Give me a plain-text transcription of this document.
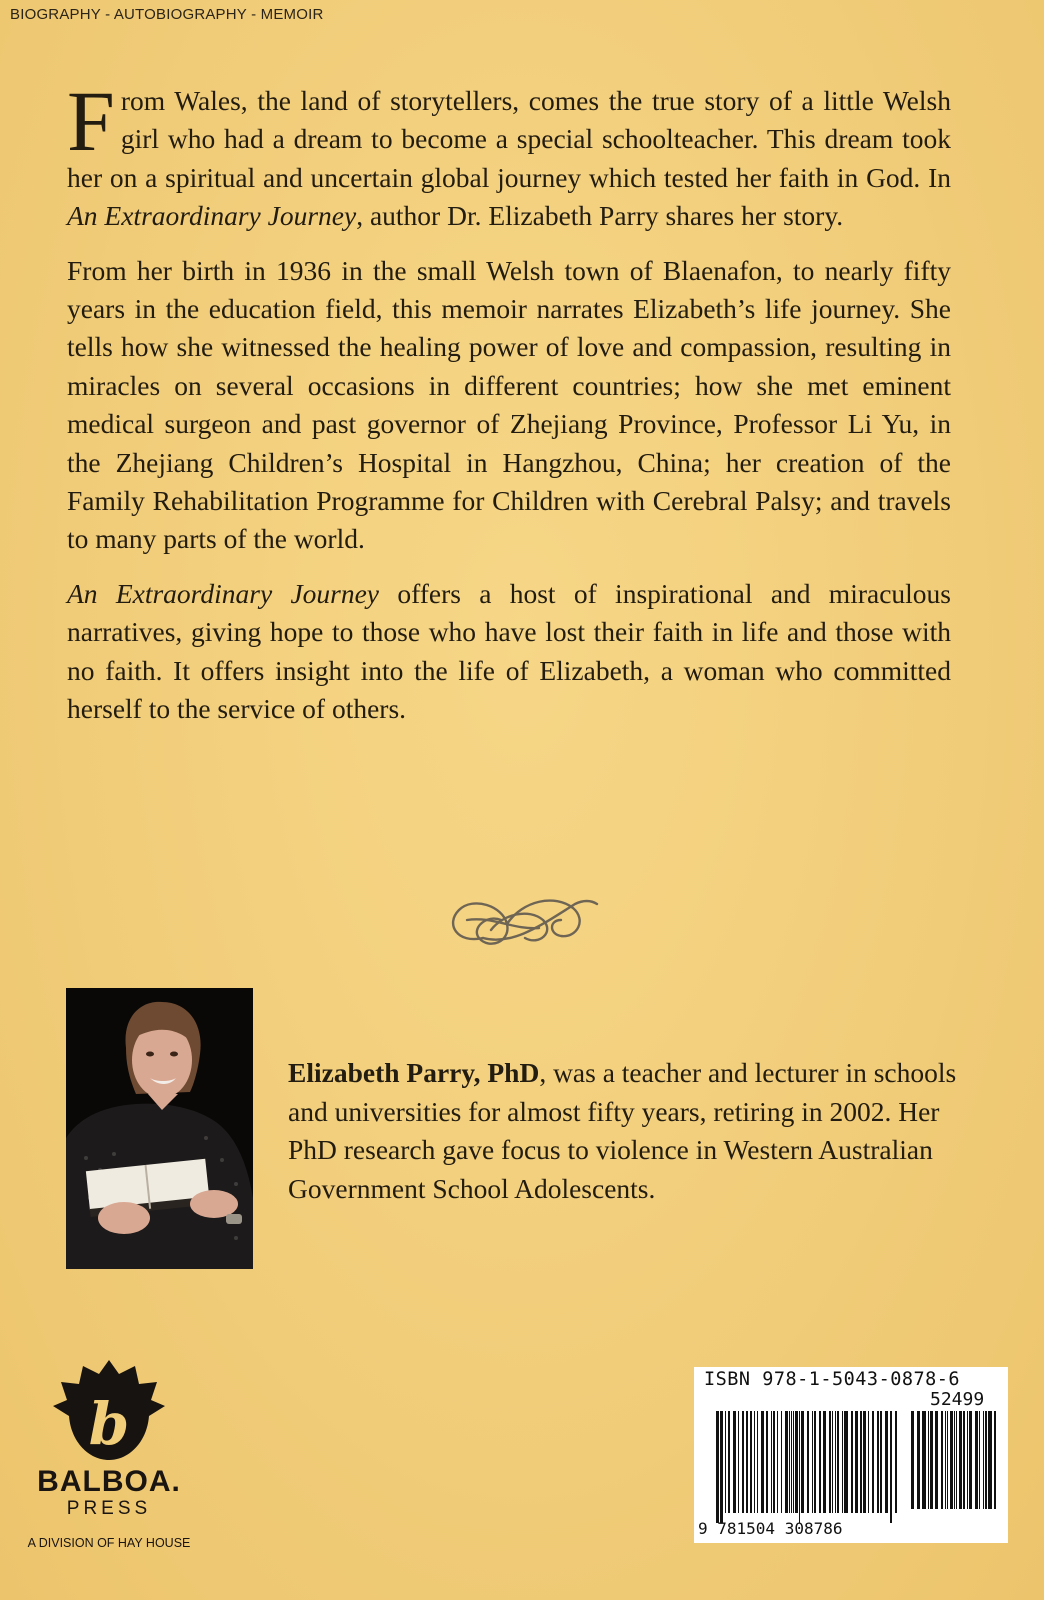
BIOGRAPHY - AUTOBIOGRAPHY - MEMOIR

From Wales, the land of storytellers, comes the true story of a little Welsh girl who had a dream to become a special schoolteacher. This dream took her on a spiritual and uncertain global journey which tested her faith in God. In An Extraordinary Journey, author Dr. Elizabeth Parry shares her story.

From her birth in 1936 in the small Welsh town of Blaenafon, to nearly fifty years in the education field, this memoir narrates Elizabeth’s life journey. She tells how she witnessed the healing power of love and compassion, resulting in miracles on several occasions in different countries; how she met eminent medical surgeon and past governor of Zhejiang Province, Professor Li Yu, in the Zhejiang Children’s Hospital in Hangzhou, China; her creation of the Family Rehabilitation Programme for Children with Cerebral Palsy; and travels to many parts of the world.

An Extraordinary Journey offers a host of inspirational and miraculous narratives, giving hope to those who have lost their faith in life and those with no faith. It offers insight into the life of Elizabeth, a woman who committed herself to the service of others.

Elizabeth Parry, PhD, was a teacher and lecturer in schools and universities for almost fifty years, retiring in 2002. Her PhD research gave focus to violence in Western Australian Government School Adolescents.
b
BALBOA.
PRESS
A DIVISION OF HAY HOUSE
ISBN 978-1-5043-0878-6
52499
9 781504 308786
